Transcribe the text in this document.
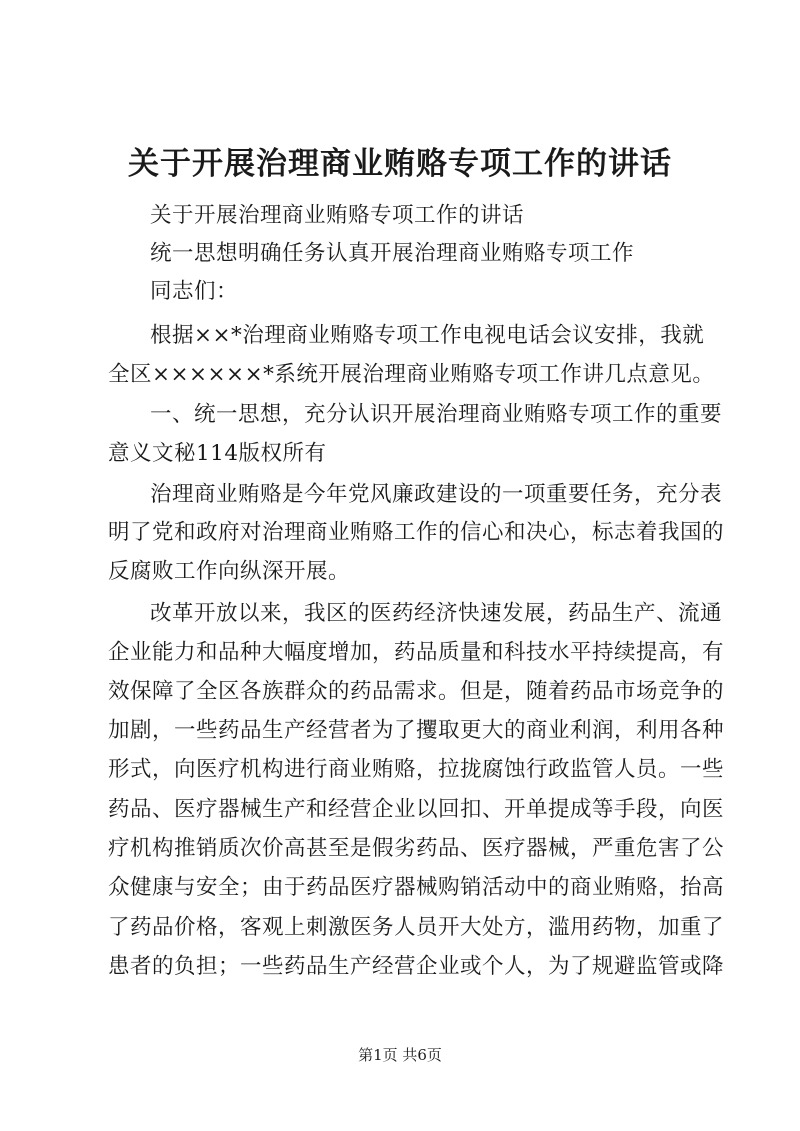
关于开展治理商业贿赂专项工作的讲话
关于开展治理商业贿赂专项工作的讲话
统一思想明确任务认真开展治理商业贿赂专项工作
同志们：
根据××*治理商业贿赂专项工作电视电话会议安排，我就
全区××××××*系统开展治理商业贿赂专项工作讲几点意见。
一、统一思想，充分认识开展治理商业贿赂专项工作的重要
意义文秘114版权所有
治理商业贿赂是今年党风廉政建设的一项重要任务，充分表
明了党和政府对治理商业贿赂工作的信心和决心，标志着我国的
反腐败工作向纵深开展。
改革开放以来，我区的医药经济快速发展，药品生产、流通
企业能力和品种大幅度增加，药品质量和科技水平持续提高，有
效保障了全区各族群众的药品需求。但是，随着药品市场竞争的
加剧，一些药品生产经营者为了攫取更大的商业利润，利用各种
形式，向医疗机构进行商业贿赂，拉拢腐蚀行政监管人员。一些
药品、医疗器械生产和经营企业以回扣、开单提成等手段，向医
疗机构推销质次价高甚至是假劣药品、医疗器械，严重危害了公
众健康与安全；由于药品医疗器械购销活动中的商业贿赂，抬高
了药品价格，客观上刺激医务人员开大处方，滥用药物，加重了
患者的负担；一些药品生产经营企业或个人，为了规避监管或降
第1页 共6页
